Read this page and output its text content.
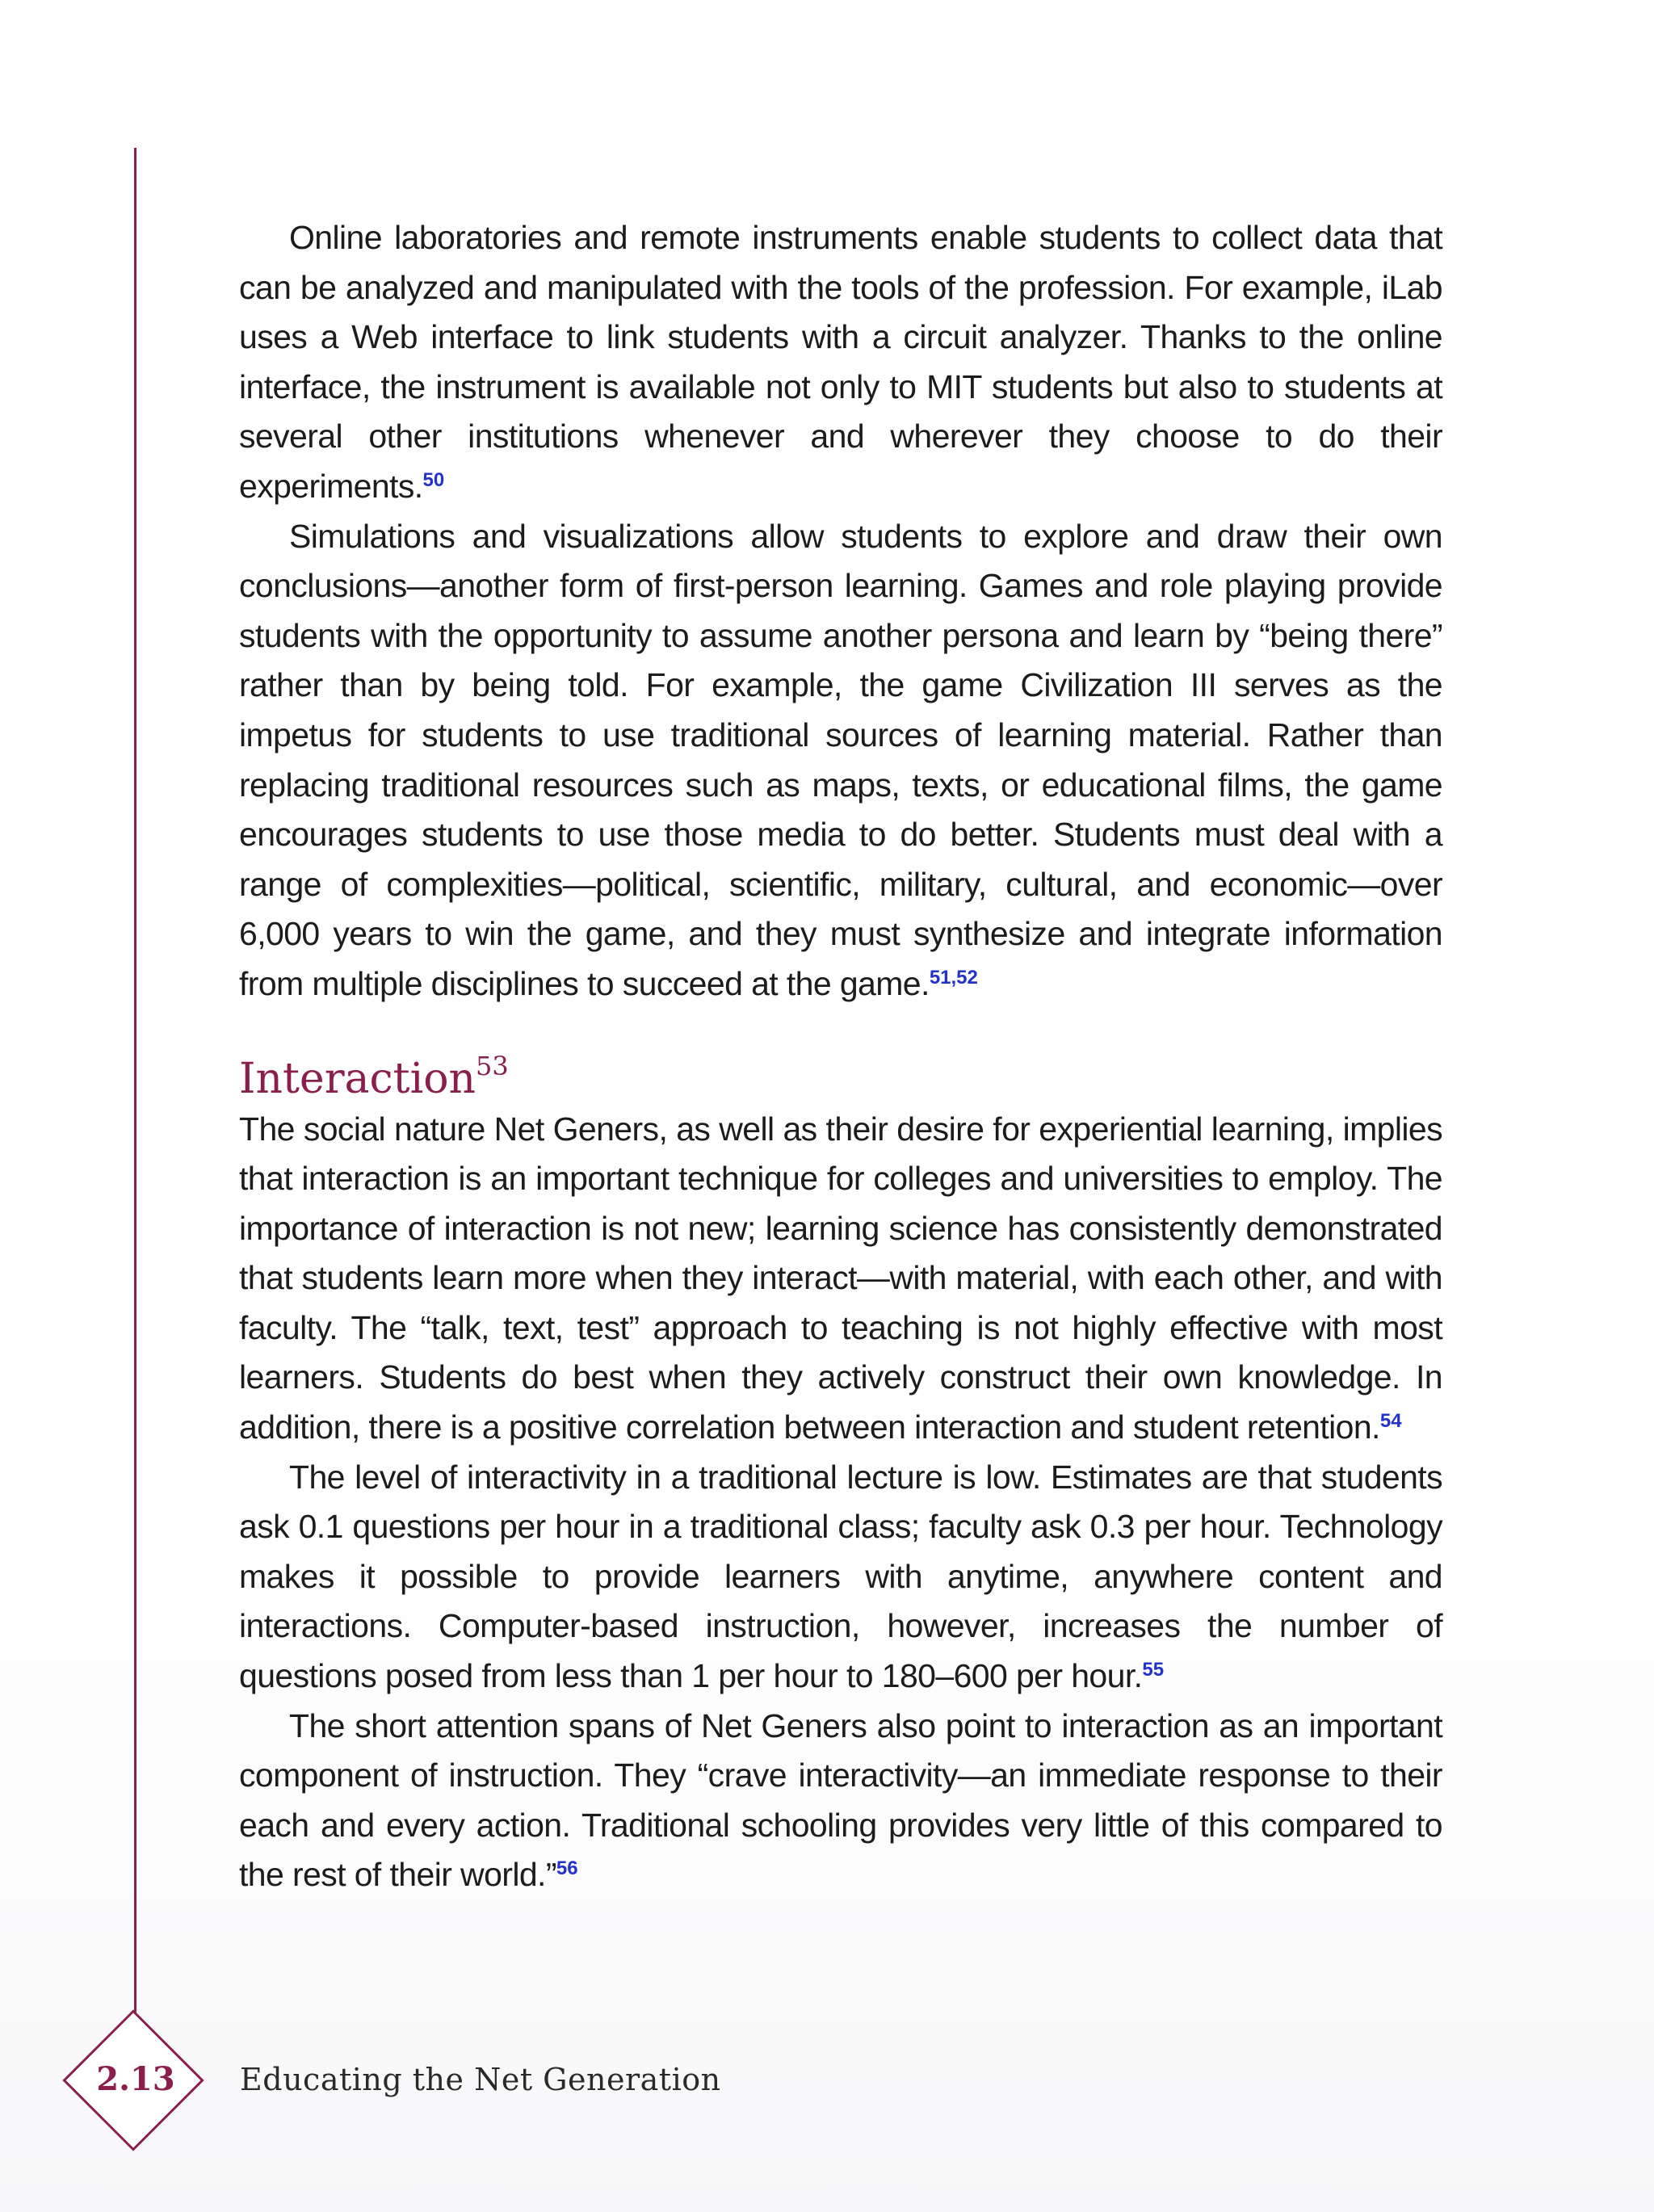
Online laboratories and remote instruments enable students to collect data that can be analyzed and manipulated with the tools of the profession. For example, iLab uses a Web interface to link students with a circuit analyzer. Thanks to the online interface, the instrument is available not only to MIT students but also to students at several other institutions whenever and wherever they choose to do their experiments.$^{50}$

Simulations and visualizations allow students to explore and draw their own conclusions—another form of first-person learning. Games and role playing provide students with the opportunity to assume another persona and learn by “being there” rather than by being told. For example, the game Civilization III serves as the impetus for students to use traditional sources of learning material. Rather than replacing traditional resources such as maps, texts, or educational films, the game encourages students to use those media to do better. Students must deal with a range of complexities—political, scientific, military, cultural, and economic—over 6,000 years to win the game, and they must synthesize and integrate information from multiple disciplines to succeed at the game.$^{51,52}$

Interaction$^{53}$

The social nature Net Geners, as well as their desire for experiential learning, implies that interaction is an important technique for colleges and universities to employ. The importance of interaction is not new; learning science has consistently demonstrated that students learn more when they interact—with material, with each other, and with faculty. The “talk, text, test” approach to teaching is not highly effective with most learners. Students do best when they actively construct their own knowledge. In addition, there is a positive correlation between interaction and student retention.$^{54}$

The level of interactivity in a traditional lecture is low. Estimates are that students ask 0.1 questions per hour in a traditional class; faculty ask 0.3 per hour. Technology makes it possible to provide learners with anytime, anywhere content and interactions. Computer-based instruction, however, increases the number of questions posed from less than 1 per hour to 180–600 per hour.$^{55}$

The short attention spans of Net Geners also point to interaction as an important component of instruction. They “crave interactivity—an immediate response to their each and every action. Traditional schooling provides very little of this compared to the rest of their world.”$^{56}$

2.13	Educating the Net Generation
